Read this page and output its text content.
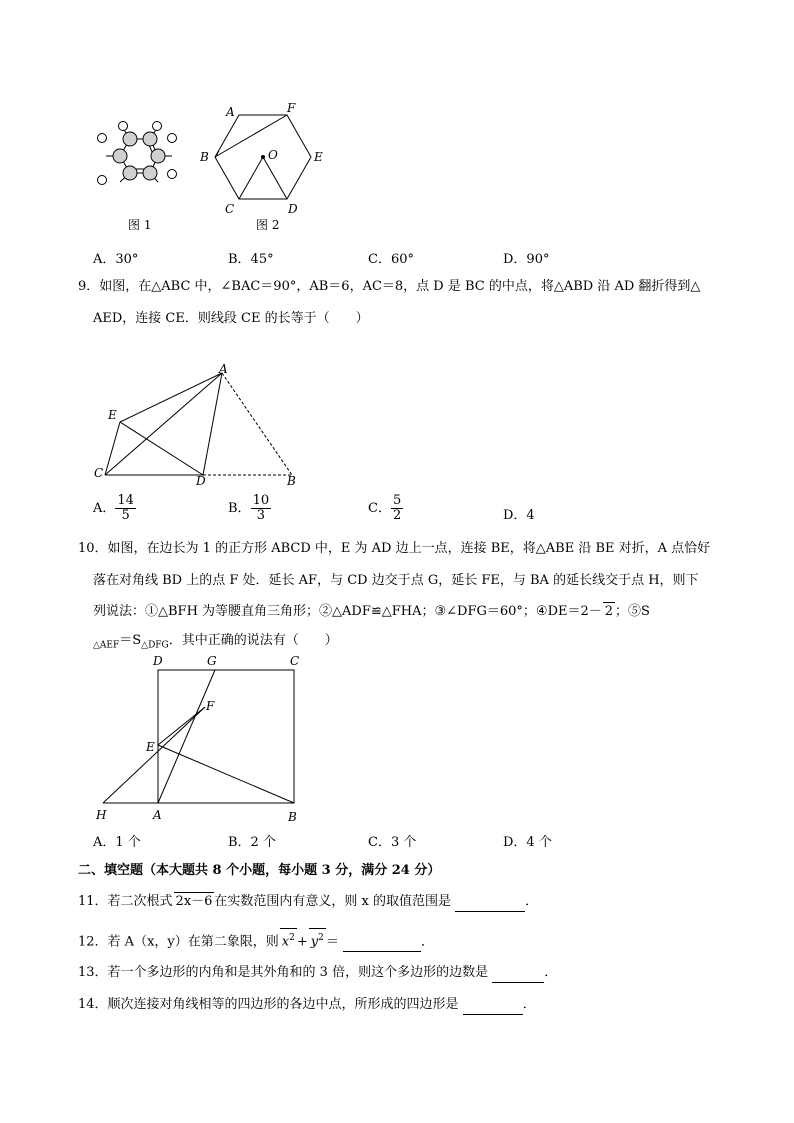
图 1
A	F
B	O	E
C	D
图 2
A．30°	B．45°	C．60°	D．90°
9．如图，在△ABC 中，∠BAC＝90°，AB＝6，AC＝8，点 D 是 BC 的中点，将△ABD 沿 AD 翻折得到△
AED，连接 CE．则线段 CE 的长等于（　　）
A
E
C
D	B
A． $\frac{14}{5}$	B． $\frac{10}{3}$	C． $\frac{5}{2}$	D．4
10．如图，在边长为 1 的正方形 ABCD 中，E 为 AD 边上一点，连接 BE，将△ABE 沿 BE 对折，A 点恰好
落在对角线 BD 上的点 F 处．延长 AF，与 CD 边交于点 G，延长 FE，与 BA 的延长线交于点 H，则下
列说法：①△BFH 为等腰直角三角形；②△ADF≌△FHA；③∠DFG＝60°；④DE＝2－ 2 ；⑤S
$_{\triangle AEF}=S_{\triangle DFG}$．其中正确的说法有（　　）
D	G	C
F
E
H	A	B
A．1 个	B．2 个	C．3 个	D．4 个
二、填空题（本大题共 8 个小题，每小题 3 分，满分 24 分）
11．若二次根式 2x－6 在实数范围内有意义，则 x 的取值范围是	．
12．若 A（x，y）在第二象限，则 $x^2 + y^2$ ＝	．
13．若一个多边形的内角和是其外角和的 3 倍，则这个多边形的边数是	．
14．顺次连接对角线相等的四边形的各边中点，所形成的四边形是	．
